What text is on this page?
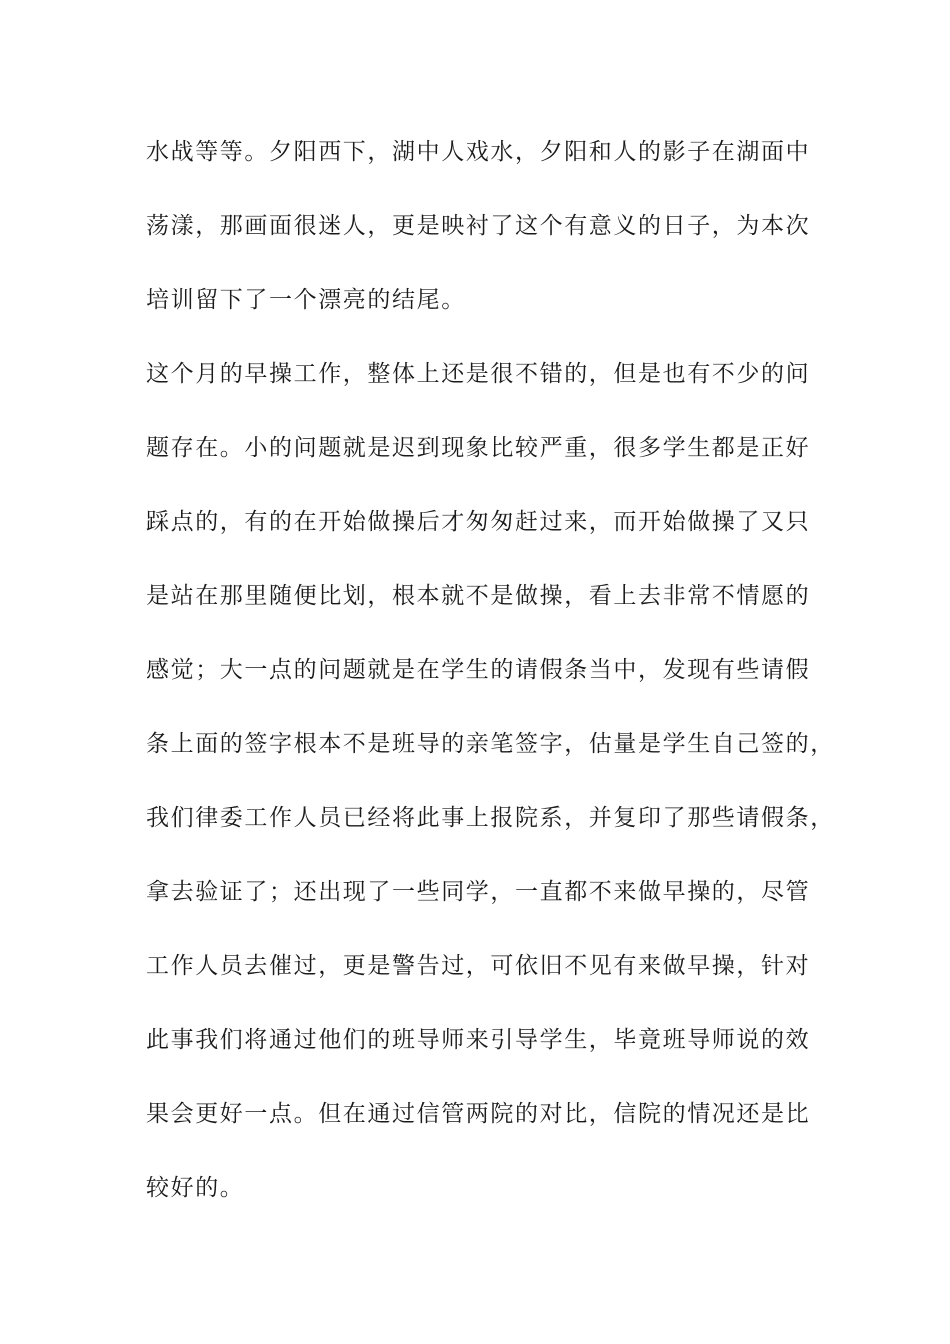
水战等等。夕阳西下，湖中人戏水，夕阳和人的影子在湖面中
荡漾，那画面很迷人，更是映衬了这个有意义的日子，为本次
培训留下了一个漂亮的结尾。
这个月的早操工作，整体上还是很不错的，但是也有不少的问
题存在。小的问题就是迟到现象比较严重，很多学生都是正好
踩点的，有的在开始做操后才匆匆赶过来，而开始做操了又只
是站在那里随便比划，根本就不是做操，看上去非常不情愿的
感觉；大一点的问题就是在学生的请假条当中，发现有些请假
条上面的签字根本不是班导的亲笔签字，估量是学生自己签的，
我们律委工作人员已经将此事上报院系，并复印了那些请假条，
拿去验证了；还出现了一些同学，一直都不来做早操的，尽管
工作人员去催过，更是警告过，可依旧不见有来做早操，针对
此事我们将通过他们的班导师来引导学生，毕竟班导师说的效
果会更好一点。但在通过信管两院的对比，信院的情况还是比
较好的。
